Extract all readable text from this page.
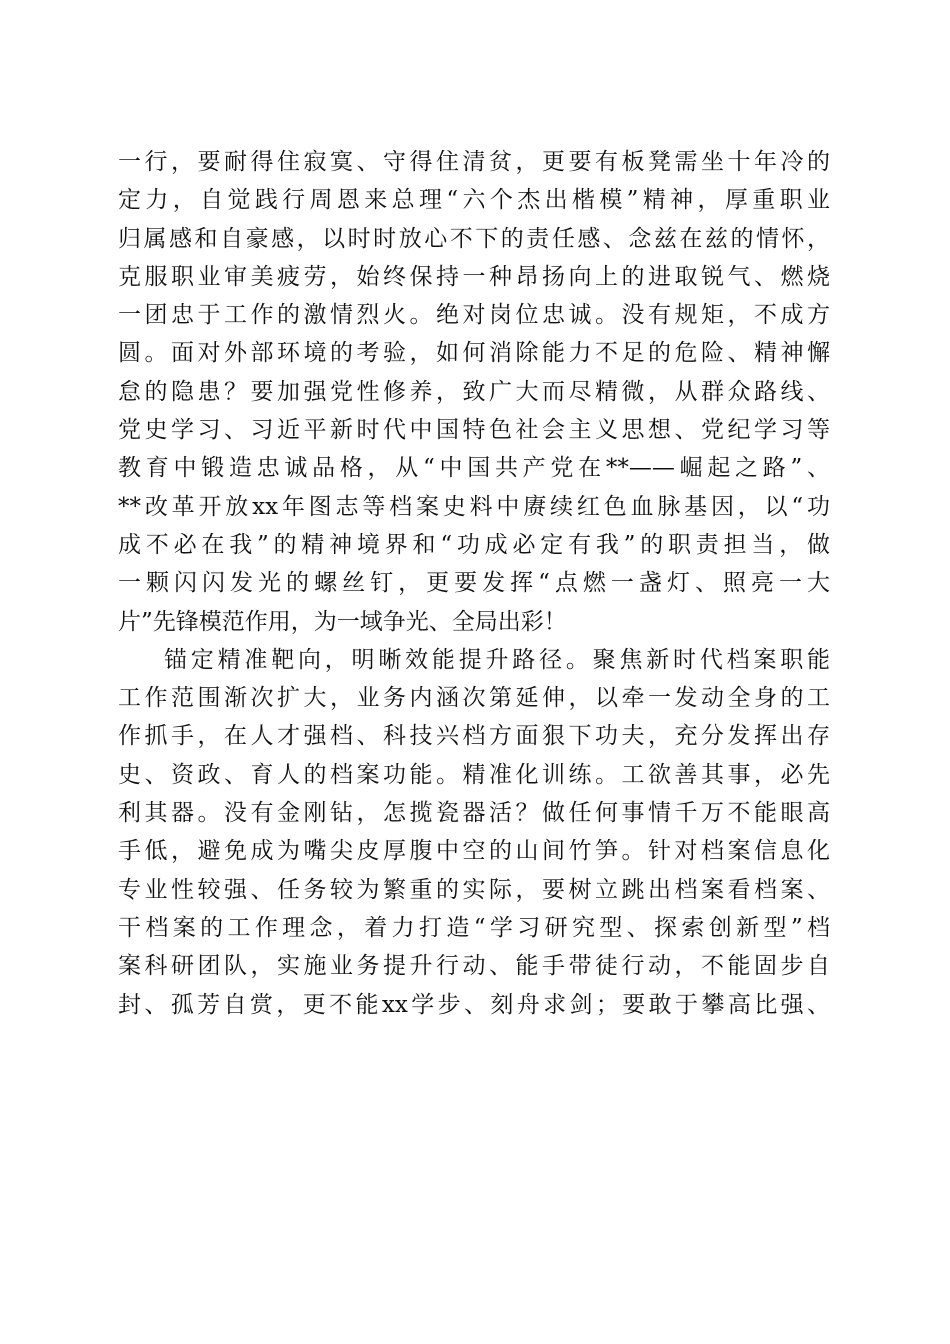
一行，要耐得住寂寞、守得住清贫，更要有板凳需坐十年冷的
定力，自觉践行周恩来总理“六个杰出楷模”精神，厚重职业
归属感和自豪感，以时时放心不下的责任感、念兹在兹的情怀，
克服职业审美疲劳，始终保持一种昂扬向上的进取锐气、燃烧
一团忠于工作的激情烈火。绝对岗位忠诚。没有规矩，不成方
圆。面对外部环境的考验，如何消除能力不足的危险、精神懈
怠的隐患？要加强党性修养，致广大而尽精微，从群众路线、
党史学习、习近平新时代中国特色社会主义思想、党纪学习等
教育中锻造忠诚品格，从“中国共产党在**——崛起之路”、
**改革开放xx年图志等档案史料中赓续红色血脉基因，以“功
成不必在我”的精神境界和“功成必定有我”的职责担当，做
一颗闪闪发光的螺丝钉，更要发挥“点燃一盏灯、照亮一大
片”先锋模范作用，为一域争光、全局出彩！
锚定精准靶向，明晰效能提升路径。聚焦新时代档案职能
工作范围渐次扩大，业务内涵次第延伸，以牵一发动全身的工
作抓手，在人才强档、科技兴档方面狠下功夫，充分发挥出存
史、资政、育人的档案功能。精准化训练。工欲善其事，必先
利其器。没有金刚钻，怎揽瓷器活？做任何事情千万不能眼高
手低，避免成为嘴尖皮厚腹中空的山间竹笋。针对档案信息化
专业性较强、任务较为繁重的实际，要树立跳出档案看档案、
干档案的工作理念，着力打造“学习研究型、探索创新型”档
案科研团队，实施业务提升行动、能手带徒行动，不能固步自
封、孤芳自赏，更不能xx学步、刻舟求剑；要敢于攀高比强、
